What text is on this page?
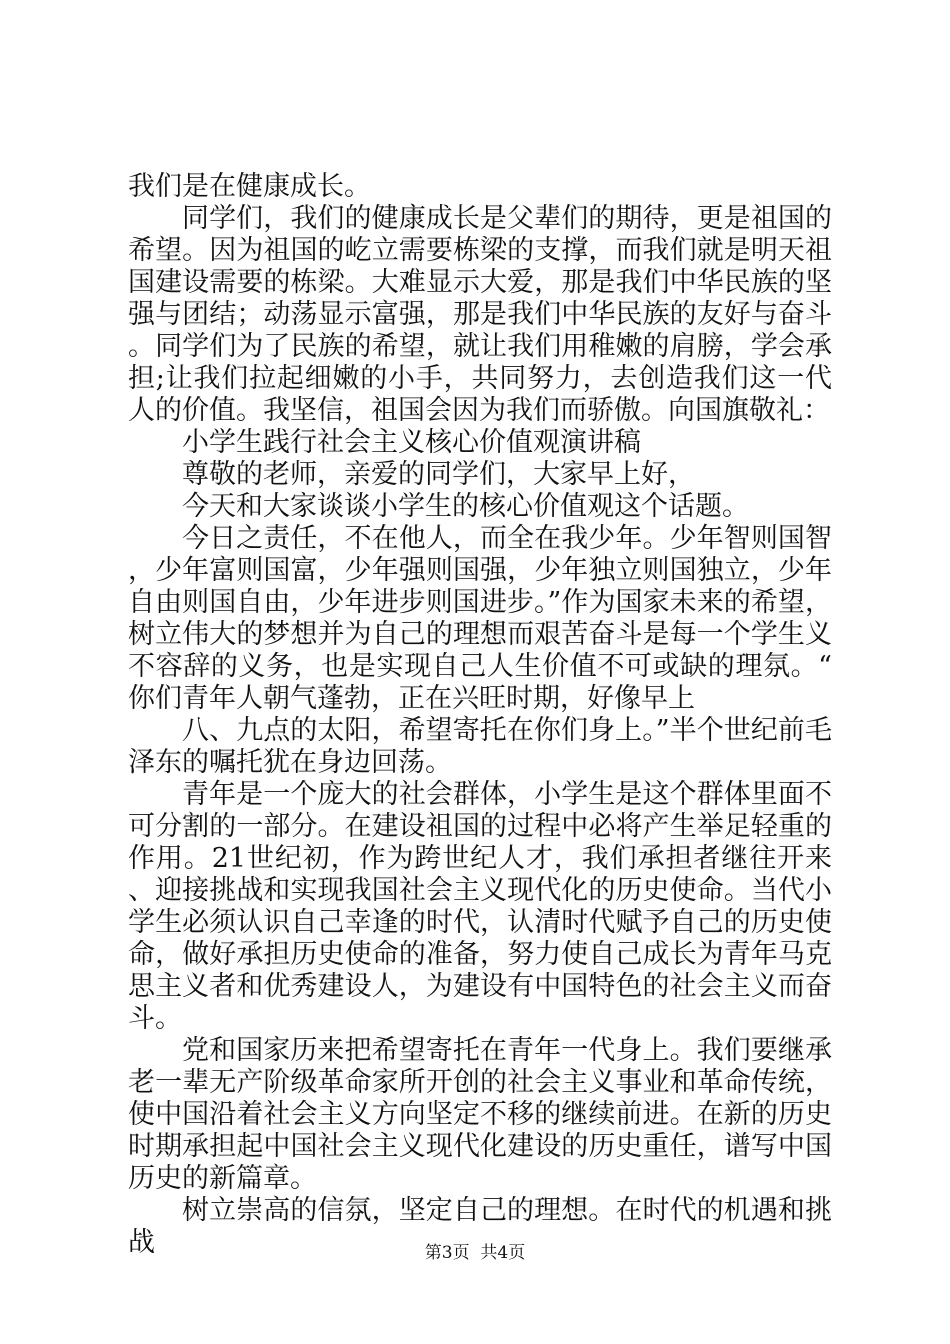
我们是在健康成长。

同学们，我们的健康成长是父辈们的期待，更是祖国的希望。因为祖国的屹立需要栋梁的支撑，而我们就是明天祖国建设需要的栋梁。大难显示大爱，那是我们中华民族的坚强与团结；动荡显示富强，那是我们中华民族的友好与奋斗。同学们为了民族的希望，就让我们用稚嫩的肩膀，学会承担;让我们拉起细嫩的小手，共同努力，去创造我们这一代人的价值。我坚信，祖国会因为我们而骄傲。向国旗敬礼：

小学生践行社会主义核心价值观演讲稿

尊敬的老师，亲爱的同学们，大家早上好，

今天和大家谈谈小学生的核心价值观这个话题。

今日之责任，不在他人，而全在我少年。少年智则国智，少年富则国富，少年强则国强，少年独立则国独立，少年自由则国自由，少年进步则国进步。”作为国家未来的希望，树立伟大的梦想并为自己的理想而艰苦奋斗是每一个学生义不容辞的义务，也是实现自己人生价值不可或缺的理氛。“你们青年人朝气蓬勃，正在兴旺时期，好像早上

八、九点的太阳，希望寄托在你们身上。”半个世纪前毛泽东的嘱托犹在身边回荡。

青年是一个庞大的社会群体，小学生是这个群体里面不可分割的一部分。在建设祖国的过程中必将产生举足轻重的作用。21世纪初，作为跨世纪人才，我们承担者继往开来、迎接挑战和实现我国社会主义现代化的历史使命。当代小学生必须认识自己幸逢的时代，认清时代赋予自己的历史使命，做好承担历史使命的准备，努力使自己成长为青年马克思主义者和优秀建设人，为建设有中国特色的社会主义而奋斗。

党和国家历来把希望寄托在青年一代身上。我们要继承老一辈无产阶级革命家所开创的社会主义事业和革命传统，使中国沿着社会主义方向坚定不移的继续前进。在新的历史时期承担起中国社会主义现代化建设的历史重任，谱写中国历史的新篇章。

树立崇高的信氛，坚定自己的理想。在时代的机遇和挑战	第3页  共4页
